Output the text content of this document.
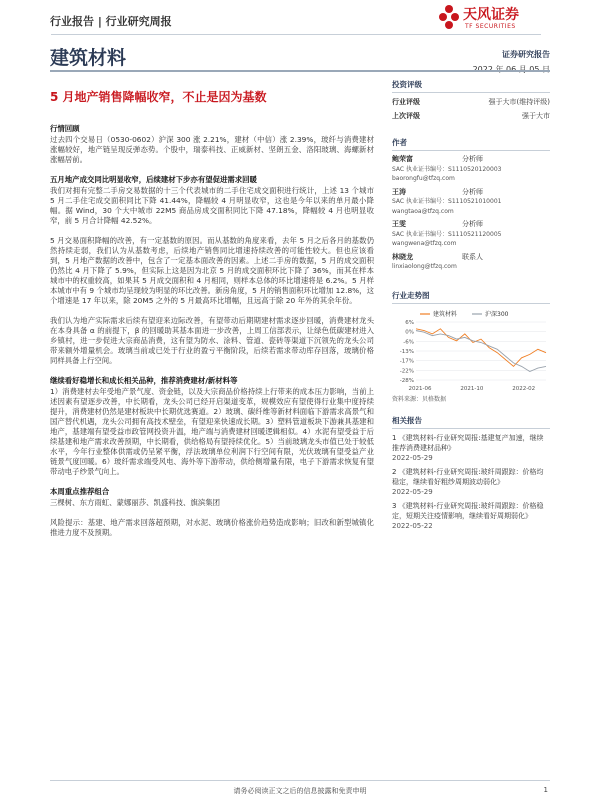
行业报告 | 行业研究周报	天风证券
TF SECURITIES
建筑材料	证券研究报告
5 月地产销售降幅收窄，不止是因为基数
行情回顾
过去四个交易日（0530-0602）沪深 300 涨 2.21%，建材（中信）涨 2.39%，玻纤与消费建材涨幅较好，地产链呈现反弹态势。个股中，瑞泰科技、正威新材、坚朗五金、洛阳玻璃、海螺新材涨幅居前。
五月地产成交同比明显收窄，后续建材下步亦有望促进需求回暖
我们对拥有完整二手房交易数据的十三个代表城市的二手住宅成交面积进行统计，上述 13 个城市 5 月二手住宅成交面积同比下降 41.44%，降幅较 4 月明显收窄，这也是今年以来的单月最小降幅。据 Wind，30 个大中城市 22M5 商品房成交面积同比下降 47.18%，降幅较 4 月也明显收窄，前 5 月合计降幅 42.52%。
5 月交易面积降幅的改善，有一定基数的原因。而从基数的角度来看，去年 5 月之后各月的基数仍然持续走弱，我们认为从基数考虑，后续地产销售同比增速持续改善的可能性较大。但也应该看到，5 月地产数据的改善中，包含了一定基本面改善的因素。上述二手房的数据，5 月的成交面积仍然比 4 月下降了 5.9%，但实际上这是因为北京 5 月的成交面积环比下降了 36%，而其在样本城市中的权重较高，如果其 5 月成交面积和 4 月相同，则样本总体的环比增速将是 6.2%。5 月样本城市中有 9 个城市均呈现较为明显的环比改善。新房角度，5 月的销售面积环比增加 12.8%，这个增速是 17 年以来，除 20M5 之外的 5 月最高环比增幅，且远高于除 20 年外的其余年份。
我们认为地产实际需求后续有望迎来边际改善，有望带动后期期建材需求逐步回暖，消费建材龙头在本身具备 α 的前提下，β 的回暖助其基本面进一步改善，上周工信部表示，让绿色低碳建材进入乡镇村，进一步促进大宗商品消费，这有望为防水、涂料、管道、瓷砖等渠道下沉领先的龙头公司带来额外增量机会。玻璃当前或已处于行业的盈亏平衡阶段，后续若需求带动库存回落，玻璃价格同样具备上行空间。
继续看好稳增长和成长相关品种，推荐消费建材/新材料等
1）消费建材去年受地产景气度、资金链，以及大宗商品价格持续上行带来的成本压力影响，当前上述因素有望逐步改善，中长期看，龙头公司已经开启渠道变革，规模效应有望使得行业集中度持续提升，消费建材仍然是建材板块中长期优选赛道。2）玻璃、碳纤维等新材料面临下游需求高景气和国产替代机遇，龙头公司拥有高技术壁垒，有望迎来快速成长期。3）塑料管道板块下游兼具基建和地产，基建端有望受益市政管网投资升温，地产端与消费建材回暖逻辑相似。4）水泥有望受益于后续基建和地产需求改善预期，中长期看，供给格局有望持续优化。5）当前玻璃龙头市值已处于较低水平，今年行业整体供需或仍呈紧平衡，浮法玻璃单位利润下行空间有限，光伏玻璃有望受益产业链景气度回暖。6）玻纤需求端受风电、海外等下游带动，供给侧增量有限，电子下游需求恢复有望带动电子纱景气向上。
本周重点推荐组合
三棵树、东方雨虹、蒙娜丽莎、凯盛科技、旗滨集团
风险提示：基建、地产需求回落超预期，对水泥、玻璃价格涨价趋势造成影响；旧改和新型城镇化推进力度不及预期。
投资评级
行业评级	强于大市(维持评级)
上次评级	强于大市
作者
鲍荣富	分析师
SAC 执业证书编号：S1110520120003
baorongfu@tfzq.com
王涛	分析师
SAC 执业证书编号：S1110521010001
wangtaoa@tfzq.com
王雯	分析师
SAC 执业证书编号：S1110521120005
wangwena@tfzq.com
林晓龙	联系人
linxiaolong@tfzq.com
行业走势图
6%
0%
-6%
-13%
-17%
-22%
-28%
2021-06	2021-10	2022-02
建筑材料	沪深300
资料来源：贝格数据
相关报告
1 《建筑材料-行业研究周报:基建复产加速，继续推荐消费建材品种》
2022-05-29
2 《建筑材料-行业研究周报:玻纤周跟踪：价格均稳定，继续看好粗纱周期波动弱化》
2022-05-29
3 《建筑材料-行业研究周报:玻纤周跟踪：价格稳定，短期关注疫情影响，继续看好周期弱化》
2022-05-22
请务必阅读正文之后的信息披露和免责申明	1
